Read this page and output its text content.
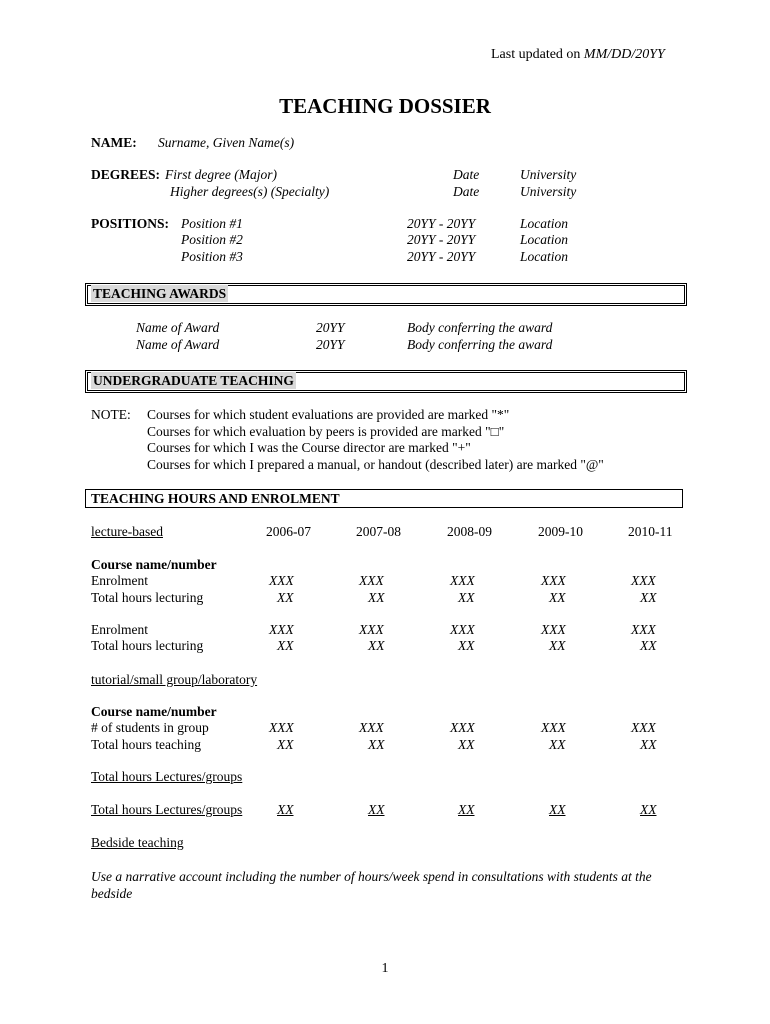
Last updated on MM/DD/20YY
TEACHING DOSSIER
NAME: Surname, Given Name(s)
DEGREES: First degree (Major)	Date	University
Higher degrees(s) (Specialty)	Date	University
POSITIONS: Position #1	20YY - 20YY	Location
Position #2	20YY - 20YY	Location
Position #3	20YY - 20YY	Location
TEACHING AWARDS
Name of Award	20YY	Body conferring the award
Name of Award	20YY	Body conferring the award
UNDERGRADUATE TEACHING
NOTE: Courses for which student evaluations are provided are marked "*"
Courses for which evaluation by peers is provided are marked "□"
Courses for which I was the Course director are marked "+"
Courses for which I prepared a manual, or handout (described later) are marked "@"
TEACHING HOURS AND ENROLMENT
lecture-based	2006-07	2007-08	2008-09	2009-10	2010-11
Course name/number
Enrolment	XXX	XXX	XXX	XXX	XXX
Total hours lecturing	XX	XX	XX	XX	XX
Enrolment	XXX	XXX	XXX	XXX	XXX
Total hours lecturing	XX	XX	XX	XX	XX
tutorial/small group/laboratory
Course name/number
# of students in group	XXX	XXX	XXX	XXX	XXX
Total hours teaching	XX	XX	XX	XX	XX
Total hours Lectures/groups
Total hours Lectures/groups	XX	XX	XX	XX	XX
Bedside teaching
Use a narrative account including the number of hours/week spend in consultations with students at the bedside
1
